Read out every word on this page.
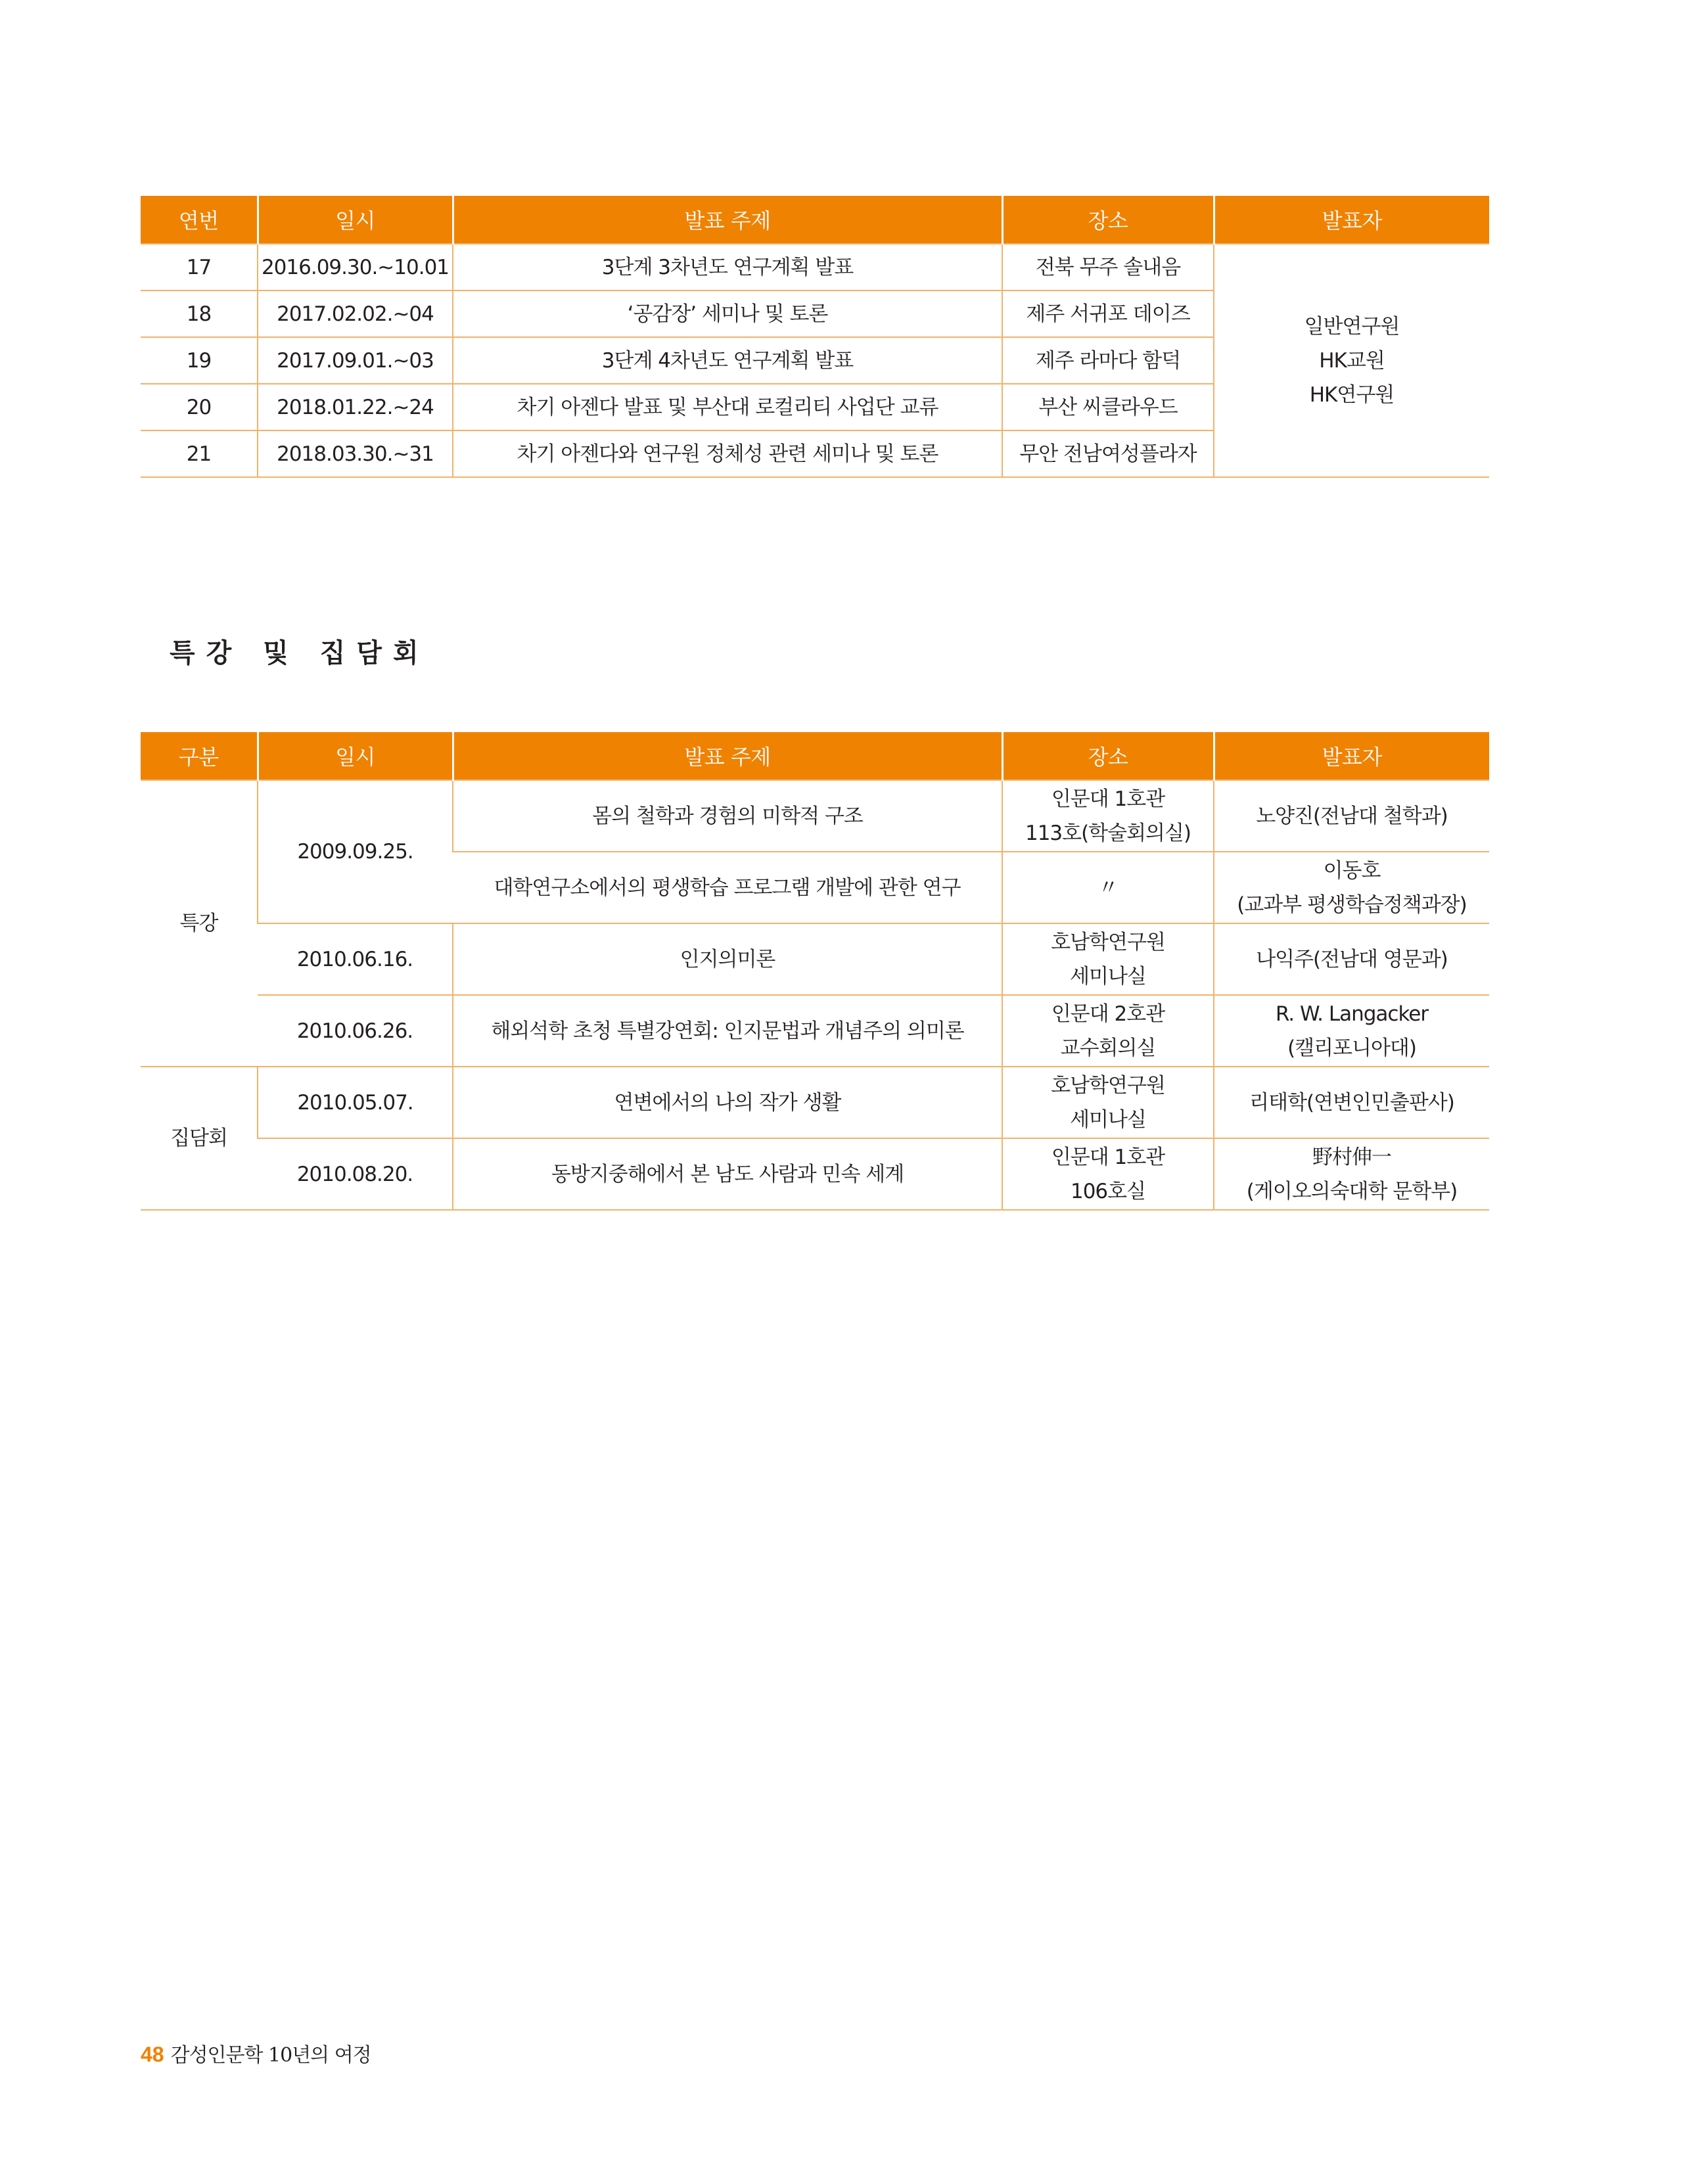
연번	일시	발표 주제	장소	발표자
17	2016.09.30.~10.01	3단계 3차년도 연구계획 발표	전북 무주 솔내음	일반연구원
HK교원
HK연구원

18	2017.02.02.~04	‘공감장’ 세미나 및 토론	제주 서귀포 데이즈	
19	2017.09.01.~03	3단계 4차년도 연구계획 발표	제주 라마다 함덕	
20	2018.01.22.~24	차기 아젠다 발표 및 부산대 로컬리티 사업단 교류	부산 씨클라우드	
21	2018.03.30.~31	차기 아젠다와 연구원 정체성 관련 세미나 및 토론	무안 전남여성플라자	
특강 및 집담회
구분	일시	발표 주제	장소	발표자
특강	2009.09.25.	몸의 철학과 경험의 미학적 구조	인문대 1호관
113호(학술회의실)	노양진(전남대 철학과)

		대학연구소에서의 평생학습 프로그램 개발에 관한 연구	〃	이동호
(교과부 평생학습정책과장)

	2010.06.16.	인지의미론	호남학연구원
세미나실	나익주(전남대 영문과)

	2010.06.26.	해외석학 초청 특별강연회: 인지문법과 개념주의 의미론	인문대 2호관
교수회의실	R. W. Langacker
(캘리포니아대)

집담회	2010.05.07.	연변에서의 나의 작가 생활	호남학연구원
세미나실	리태학(연변인민출판사)

	2010.08.20.	동방지중해에서 본 남도 사람과 민속 세계	인문대 1호관
106호실	野村伸一
(게이오의숙대학 문학부)
48 감성인문학 10년의 여정
